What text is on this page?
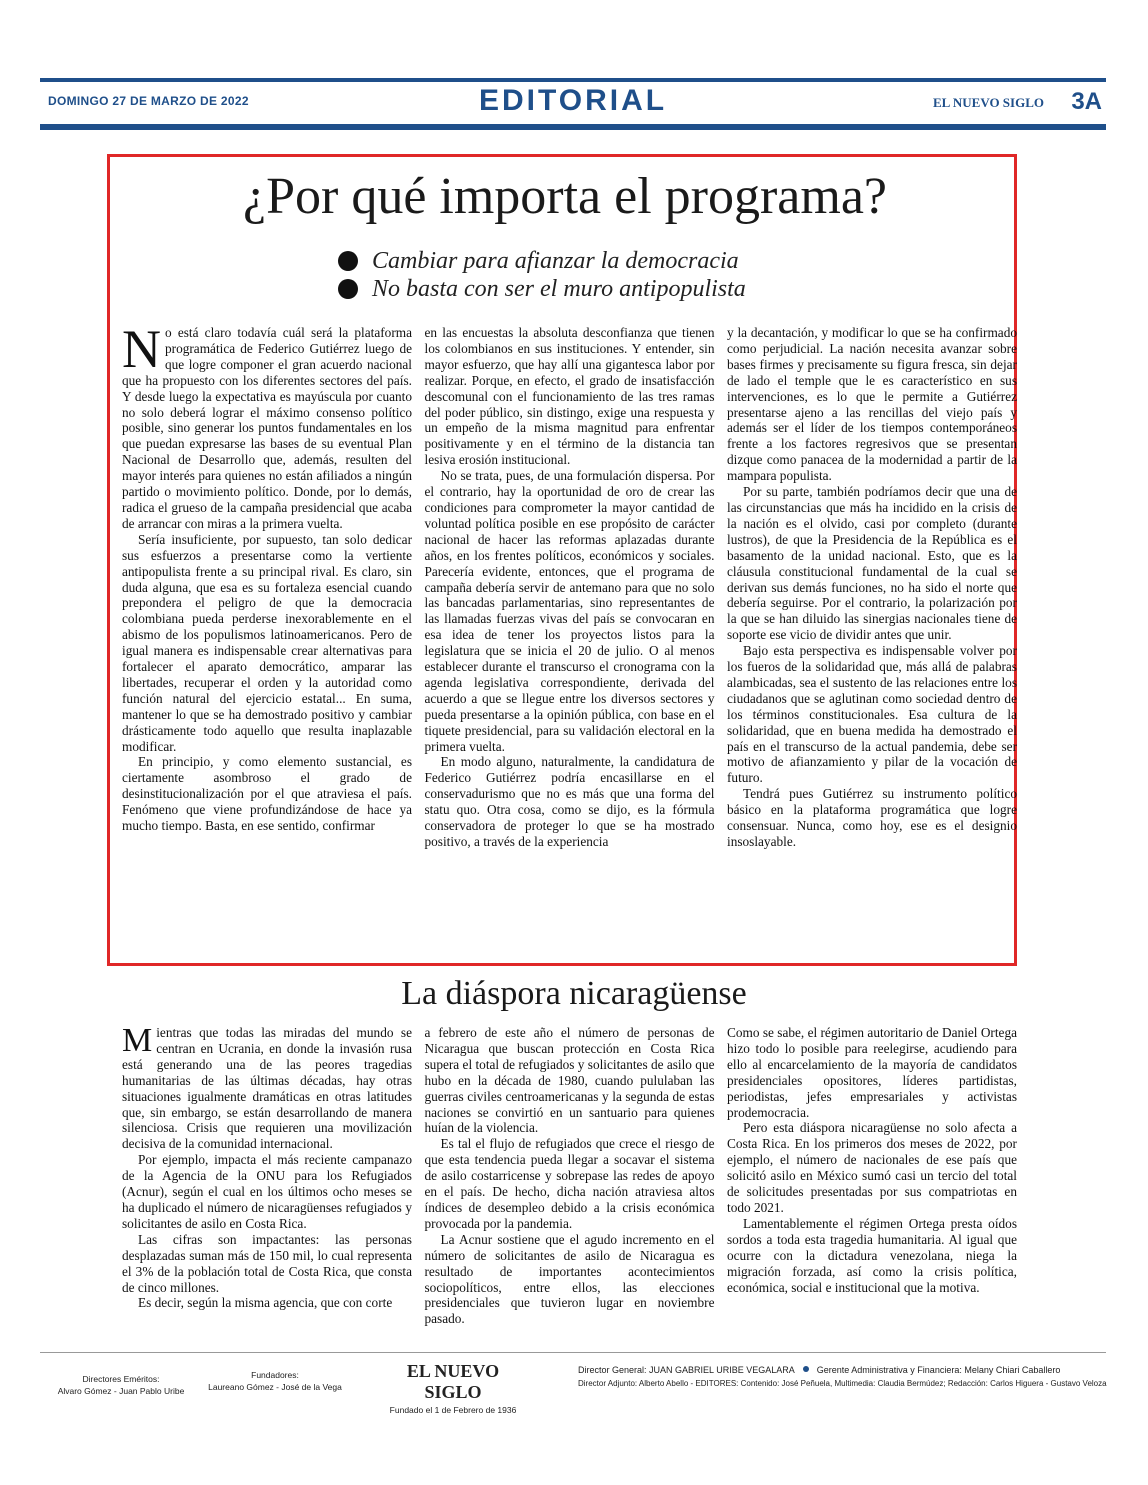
DOMINGO 27 DE MARZO DE 2022	EDITORIAL	EL NUEVO SIGLO 3A
¿Por qué importa el programa?
Cambiar para afianzar la democracia
No basta con ser el muro antipopulista

No está claro todavía cuál será la plataforma programática de Federico Gutiérrez luego de que logre componer el gran acuerdo nacional que ha propuesto con los diferentes sectores del país. Y desde luego la expectativa es mayúscula por cuanto no solo deberá lograr el máximo consenso político posible, sino generar los puntos fundamentales en los que puedan expresarse las bases de su eventual Plan Nacional de Desarrollo que, además, resulten del mayor interés para quienes no están afiliados a ningún partido o movimiento político. Donde, por lo demás, radica el grueso de la campaña presidencial que acaba de arrancar con miras a la primera vuelta.

Sería insuficiente, por supuesto, tan solo dedicar sus esfuerzos a presentarse como la vertiente antipopulista frente a su principal rival. Es claro, sin duda alguna, que esa es su fortaleza esencial cuando prepondera el peligro de que la democracia colombiana pueda perderse inexorablemente en el abismo de los populismos latinoamericanos. Pero de igual manera es indispensable crear alternativas para fortalecer el aparato democrático, amparar las libertades, recuperar el orden y la autoridad como función natural del ejercicio estatal... En suma, mantener lo que se ha demostrado positivo y cambiar drásticamente todo aquello que resulta inaplazable modificar.

En principio, y como elemento sustancial, es ciertamente asombroso el grado de desinstitucionalización por el que atraviesa el país. Fenómeno que viene profundizándose de hace ya mucho tiempo. Basta, en ese sentido, confirmar

en las encuestas la absoluta desconfianza que tienen los colombianos en sus instituciones. Y entender, sin mayor esfuerzo, que hay allí una gigantesca labor por realizar. Porque, en efecto, el grado de insatisfacción descomunal con el funcionamiento de las tres ramas del poder público, sin distingo, exige una respuesta y un empeño de la misma magnitud para enfrentar positivamente y en el término de la distancia tan lesiva erosión institucional.

No se trata, pues, de una formulación dispersa. Por el contrario, hay la oportunidad de oro de crear las condiciones para comprometer la mayor cantidad de voluntad política posible en ese propósito de carácter nacional de hacer las reformas aplazadas durante años, en los frentes políticos, económicos y sociales. Parecería evidente, entonces, que el programa de campaña debería servir de antemano para que no solo las bancadas parlamentarias, sino representantes de las llamadas fuerzas vivas del país se convocaran en esa idea de tener los proyectos listos para la legislatura que se inicia el 20 de julio. O al menos establecer durante el transcurso el cronograma con la agenda legislativa correspondiente, derivada del acuerdo a que se llegue entre los diversos sectores y pueda presentarse a la opinión pública, con base en el tiquete presidencial, para su validación electoral en la primera vuelta.

En modo alguno, naturalmente, la candidatura de Federico Gutiérrez podría encasillarse en el conservadurismo que no es más que una forma del statu quo. Otra cosa, como se dijo, es la fórmula conservadora de proteger lo que se ha mostrado positivo, a través de la experiencia

y la decantación, y modificar lo que se ha confirmado como perjudicial. La nación necesita avanzar sobre bases firmes y precisamente su figura fresca, sin dejar de lado el temple que le es característico en sus intervenciones, es lo que le permite a Gutiérrez presentarse ajeno a las rencillas del viejo país y además ser el líder de los tiempos contemporáneos frente a los factores regresivos que se presentan dizque como panacea de la modernidad a partir de la mampara populista.

Por su parte, también podríamos decir que una de las circunstancias que más ha incidido en la crisis de la nación es el olvido, casi por completo (durante lustros), de que la Presidencia de la República es el basamento de la unidad nacional. Esto, que es la cláusula constitucional fundamental de la cual se derivan sus demás funciones, no ha sido el norte que debería seguirse. Por el contrario, la polarización por la que se han diluido las sinergias nacionales tiene de soporte ese vicio de dividir antes que unir.

Bajo esta perspectiva es indispensable volver por los fueros de la solidaridad que, más allá de palabras alambicadas, sea el sustento de las relaciones entre los ciudadanos que se aglutinan como sociedad dentro de los términos constitucionales. Esa cultura de la solidaridad, que en buena medida ha demostrado el país en el transcurso de la actual pandemia, debe ser motivo de afianzamiento y pilar de la vocación de futuro.

Tendrá pues Gutiérrez su instrumento político básico en la plataforma programática que logre consensuar. Nunca, como hoy, ese es el designio insoslayable.

La diáspora nicaragüense

Mientras que todas las miradas del mundo se centran en Ucrania, en donde la invasión rusa está generando una de las peores tragedias humanitarias de las últimas décadas, hay otras situaciones igualmente dramáticas en otras latitudes que, sin embargo, se están desarrollando de manera silenciosa. Crisis que requieren una movilización decisiva de la comunidad internacional.

Por ejemplo, impacta el más reciente campanazo de la Agencia de la ONU para los Refugiados (Acnur), según el cual en los últimos ocho meses se ha duplicado el número de nicaragüenses refugiados y solicitantes de asilo en Costa Rica.

Las cifras son impactantes: las personas desplazadas suman más de 150 mil, lo cual representa el 3% de la población total de Costa Rica, que consta de cinco millones.

Es decir, según la misma agencia, que con corte

a febrero de este año el número de personas de Nicaragua que buscan protección en Costa Rica supera el total de refugiados y solicitantes de asilo que hubo en la década de 1980, cuando pululaban las guerras civiles centroamericanas y la segunda de estas naciones se convirtió en un santuario para quienes huían de la violencia.

Es tal el flujo de refugiados que crece el riesgo de que esta tendencia pueda llegar a socavar el sistema de asilo costarricense y sobrepase las redes de apoyo en el país. De hecho, dicha nación atraviesa altos índices de desempleo debido a la crisis económica provocada por la pandemia.

La Acnur sostiene que el agudo incremento en el número de solicitantes de asilo de Nicaragua es resultado de importantes acontecimientos sociopolíticos, entre ellos, las elecciones presidenciales que tuvieron lugar en noviembre pasado.

Como se sabe, el régimen autoritario de Daniel Ortega hizo todo lo posible para reelegirse, acudiendo para ello al encarcelamiento de la mayoría de candidatos presidenciales opositores, líderes partidistas, periodistas, jefes empresariales y activistas prodemocracia.

Pero esta diáspora nicaragüense no solo afecta a Costa Rica. En los primeros dos meses de 2022, por ejemplo, el número de nacionales de ese país que solicitó asilo en México sumó casi un tercio del total de solicitudes presentadas por sus compatriotas en todo 2021.

Lamentablemente el régimen Ortega presta oídos sordos a toda esta tragedia humanitaria. Al igual que ocurre con la dictadura venezolana, niega la migración forzada, así como la crisis política, económica, social e institucional que la motiva.

Directores Eméritos:
Alvaro Gómez - Juan Pablo Uribe
Fundadores:
Laureano Gómez - José de la Vega
EL NUEVO SIGLO
Fundado el 1 de Febrero de 1936
Director General: JUAN GABRIEL URIBE VEGALARA Gerente Administrativa y Financiera: Melany Chiari Caballero
Director Adjunto: Alberto Abello - EDITORES: Contenido: José Peñuela, Multimedia: Claudia Bermúdez; Redacción: Carlos Higuera - Gustavo Veloza
